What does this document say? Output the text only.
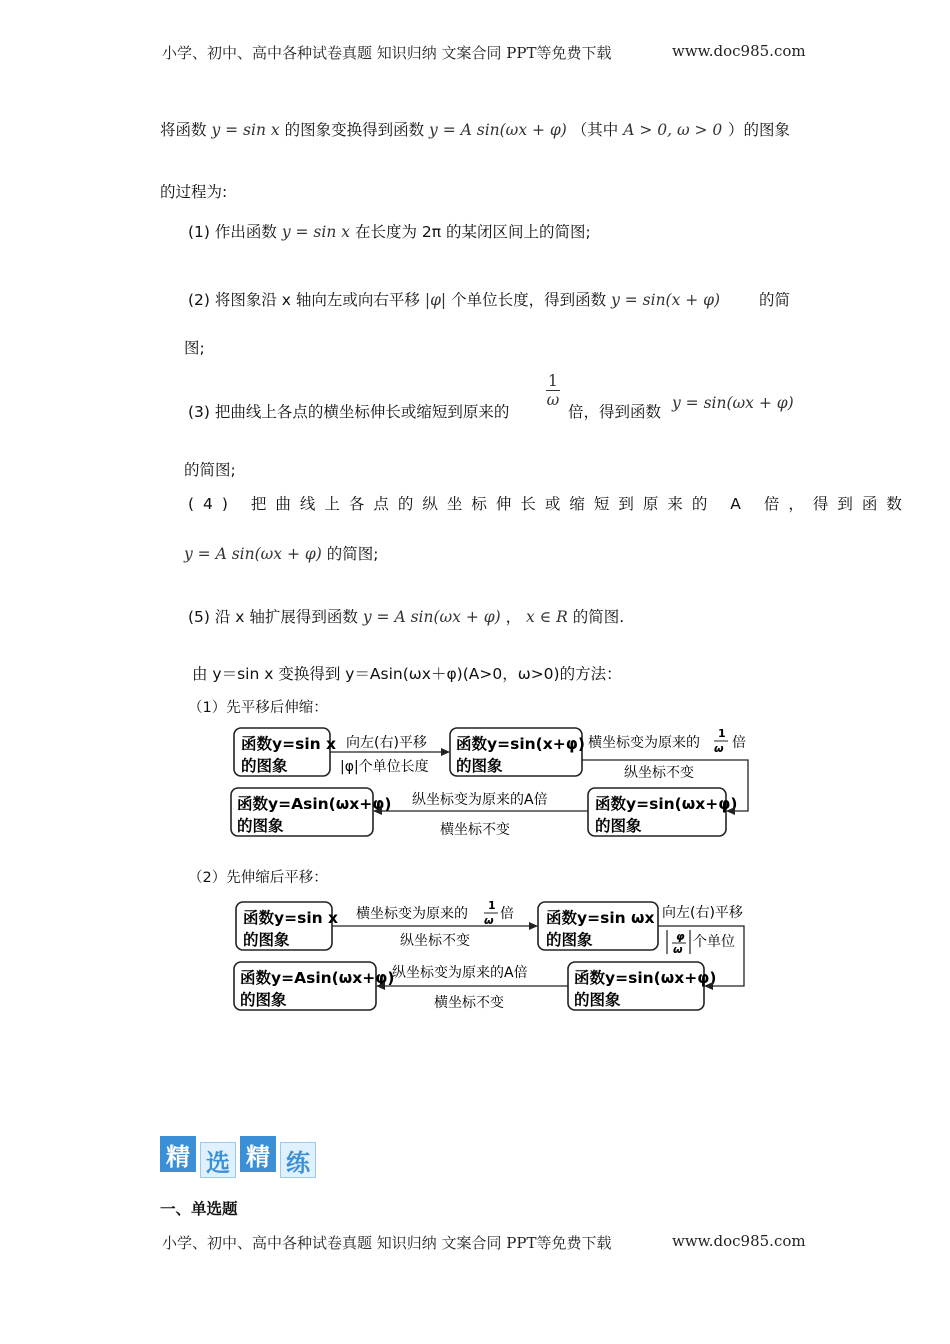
小学、初中、高中各种试卷真题 知识归纳 文案合同 PPT等免费下载	www.doc985.com
将函数 y = sin x 的图象变换得到函数 y = A sin(ωx + φ) （其中 A > 0, ω > 0 ）的图象
的过程为:
(1) 作出函数 y = sin x 在长度为 2π 的某闭区间上的简图;
(2) 将图象沿 x 轴向左或向右平移 |φ| 个单位长度，得到函数 y = sin(x + φ)	的简
图;
(3) 把曲线上各点的横坐标伸长或缩短到原来的
$\frac{1}{\omega}$
倍，得到函数 y = sin(ωx + φ)
的简图;
(4) 把曲线上各点的纵坐标伸长或缩短到原来的 A 倍，得到函数
y = A sin(ωx + φ) 的简图;
(5) 沿 x 轴扩展得到函数 y = A sin(ωx + φ) ， x ∈ R 的简图.
由 y＝sin x 变换得到 y＝Asin(ωx＋φ)(A>0，ω>0)的方法：
（1）先平移后伸缩：
函数y=sin x
的图象
函数y=sin(x+φ)
的图象
函数y=sin(ωx+φ)
的图象
函数y=Asin(ωx+φ)
的图象
向左(右)平移
|φ|个单位长度
横坐标变为原来的
1
ω 倍
纵坐标不变
纵坐标变为原来的A倍
横坐标不变
（2）先伸缩后平移：
函数y=sin x
的图象
函数y=sin ωx
的图象
函数y=sin(ωx+φ)
的图象
函数y=Asin(ωx+φ)
的图象
横坐标变为原来的
1
ω 倍
纵坐标不变
向左(右)平移
φ
ω 个单位
纵坐标变为原来的A倍
横坐标不变
精 选 精 练
一、单选题
小学、初中、高中各种试卷真题 知识归纳 文案合同 PPT等免费下载	www.doc985.com
